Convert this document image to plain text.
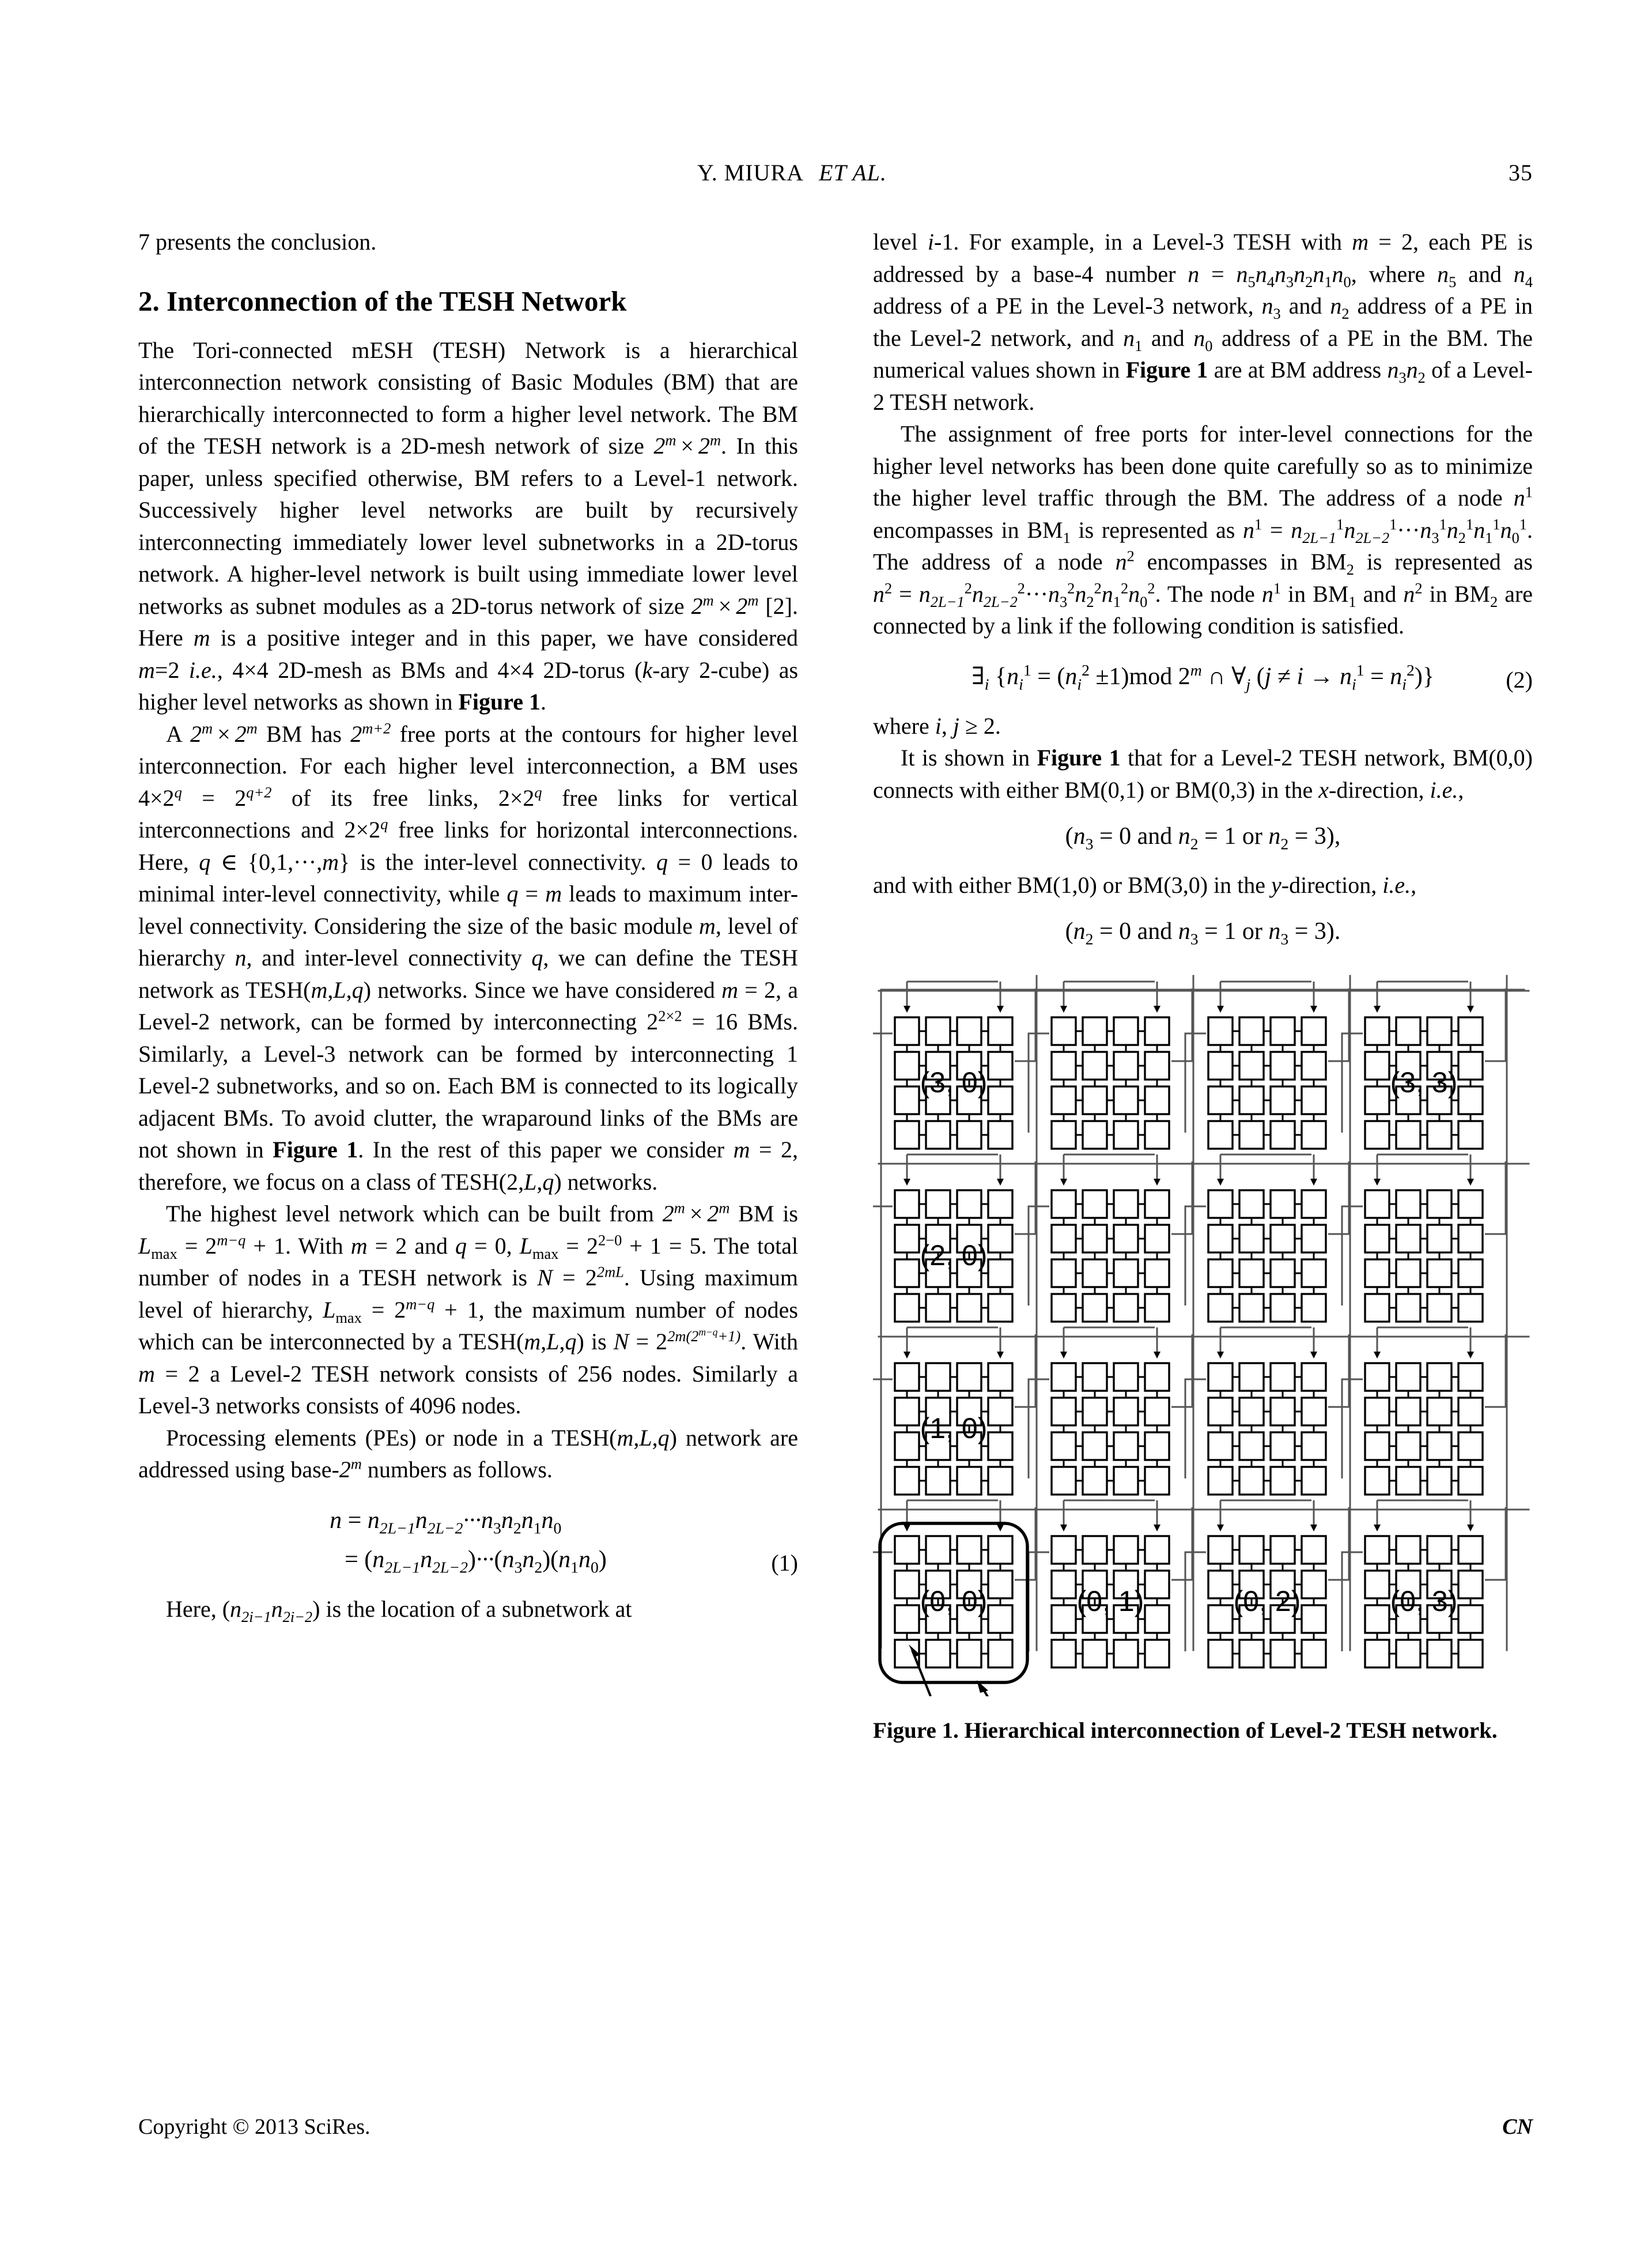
Y. MIURA ET AL.	35

7 presents the conclusion.

2. Interconnection of the TESH Network

The Tori-connected mESH (TESH) Network is a hierarchical interconnection network consisting of Basic Modules (BM) that are hierarchically interconnected to form a higher level network. The BM of the TESH network is a 2D-mesh network of size $2^m \times 2^m$. In this paper, unless specified otherwise, BM refers to a Level-1 network. Successively higher level networks are built by recursively interconnecting immediately lower level subnetworks in a 2D-torus network. A higher-level network is built using immediate lower level networks as subnet modules as a 2D-torus network of size $2^m \times 2^m$ [2]. Here m is a positive integer and in this paper, we have considered m=2 i.e., 4×4 2D-mesh as BMs and 4×4 2D-torus (k-ary 2-cube) as higher level networks as shown in Figure 1.

A $2^m \times 2^m$ BM has $2^{m+2}$ free ports at the contours for higher level interconnection. For each higher level interconnection, a BM uses $4\times 2^q = 2^{q+2}$ of its free links, $2\times 2^q$ free links for vertical interconnections and $2\times 2^q$ free links for horizontal interconnections. Here, q ∈ {0,1,···,m} is the inter-level connectivity. q = 0 leads to minimal inter-level connectivity, while q = m leads to maximum inter-level connectivity. Considering the size of the basic module m, level of hierarchy n, and inter-level connectivity q, we can define the TESH network as TESH(m,L,q) networks. Since we have considered m = 2, a Level-2 network, can be formed by interconnecting $2^{2\times 2} = 16$ BMs. Similarly, a Level-3 network can be formed by interconnecting 1 Level-2 subnetworks, and so on. Each BM is connected to its logically adjacent BMs. To avoid clutter, the wraparound links of the BMs are not shown in Figure 1. In the rest of this paper we consider m = 2, therefore, we focus on a class of TESH(2,L,q) networks.

The highest level network which can be built from $2^m \times 2^m$ BM is $L_{max} = 2^{m-q} + 1$. With m = 2 and q = 0, $L_{max} = 2^{2-0} + 1 = 5$. The total number of nodes in a TESH network is $N = 2^{2mL}$. Using maximum level of hierarchy, $L_{max} = 2^{m-q} + 1$, the maximum number of nodes which can be interconnected by a TESH(m,L,q) is $N = 2^{2m(2^{m-q}+1)}$. With m = 2 a Level-2 TESH network consists of 256 nodes. Similarly a Level-3 networks consists of 4096 nodes.

Processing elements (PEs) or node in a TESH(m,L,q) network are addressed using base-2$^m$ numbers as follows.

$n = n_{2L-1}n_{2L-2}\cdot\cdot\cdot n_3n_2n_1n_0$
= $(n_{2L-1}n_{2L-2})\cdot\cdot\cdot(n_3n_2)(n_1n_0)$	(1)

Here, $(n_{2i-1}n_{2i-2})$ is the location of a subnetwork at

level i-1. For example, in a Level-3 TESH with m = 2, each PE is addressed by a base-4 number $n = n_5n_4n_3n_2n_1n_0$, where $n_5$ and $n_4$ address of a PE in the Level-3 network, $n_3$ and $n_2$ address of a PE in the Level-2 network, and $n_1$ and $n_0$ address of a PE in the BM. The numerical values shown in Figure 1 are at BM address $n_3n_2$ of a Level-2 TESH network.

The assignment of free ports for inter-level connections for the higher level networks has been done quite carefully so as to minimize the higher level traffic through the BM. The address of a node $n^1$ encompasses in $BM_1$ is represented as $n^1 = n_{2L-1}^1n_{2L-2}^1\cdot\cdot\cdot n_3^1n_2^1n_1^1n_0^1$. The address of a node $n^2$ encompasses in $BM_2$ is represented as $n^2 = n_{2L-1}^2n_{2L-2}^2\cdot\cdot\cdot n_3^2n_2^2n_1^2n_0^2$. The node $n^1$ in $BM_1$ and $n^2$ in $BM_2$ are connected by a link if the following condition is satisfied.

$\exists_i$ {$n_i^1 = (n_i^2 \pm 1)mod$ 2$^m$ ∩ $\forall_j$ $(j \ne i \to n_i^1 = n_i^2)$}	(2)

where i, j ≥ 2.

It is shown in Figure 1 that for a Level-2 TESH network, BM(0,0) connects with either BM(0,1) or BM(0,3) in the x-direction, i.e.,

($n_3 = 0$ and $n_2 = 1$ or $n_2 = 3$),

and with either BM(1,0) or BM(3,0) in the y-direction, i.e.,

($n_2 = 0$ and $n_3 = 1$ or $n_3 = 3$).
(3, 0)	(3, 3)
(2, 0)
(1, 0)
(0, 0)	(0, 1)	(0, 2)	(0, 3)
Figure 1. Hierarchical interconnection of Level-2 TESH network.
Copyright © 2013 SciRes.	CN
